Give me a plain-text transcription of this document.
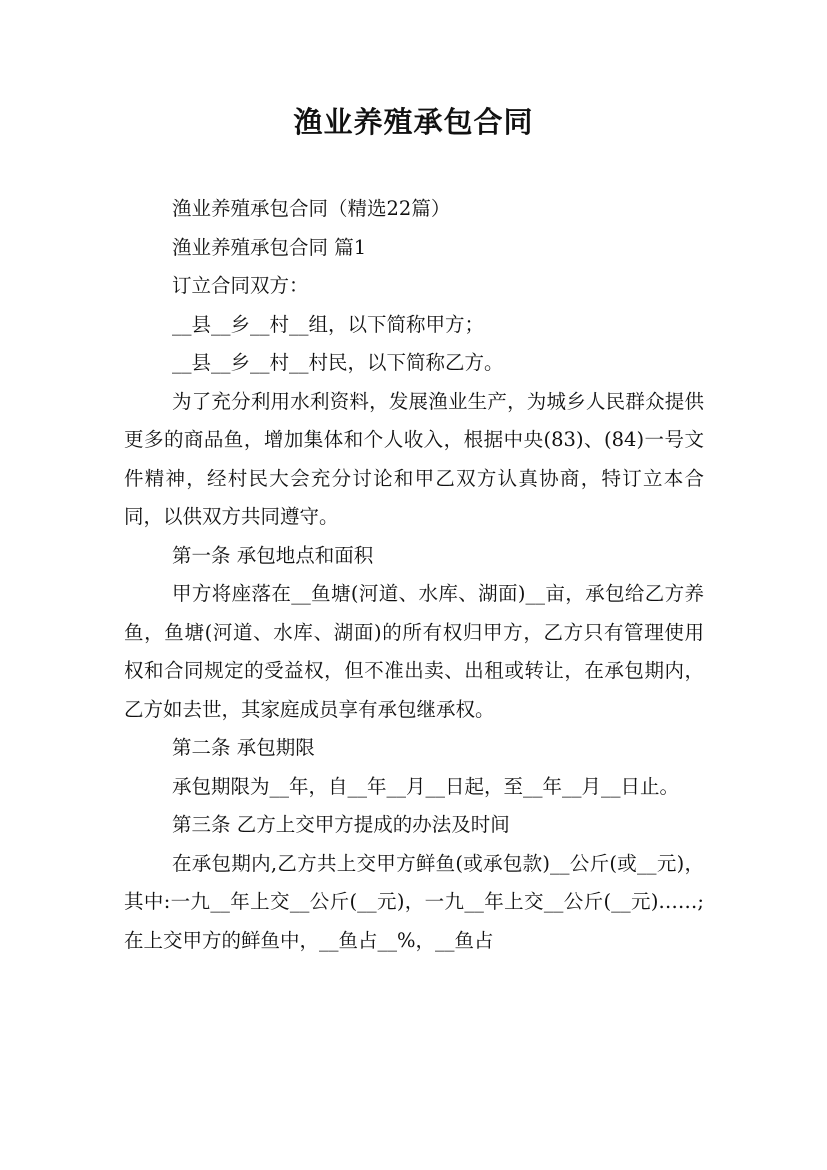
渔业养殖承包合同

渔业养殖承包合同（精选22篇）

渔业养殖承包合同 篇1

订立合同双方：

__县__乡__村__组，以下简称甲方；

__县__乡__村__村民，以下简称乙方。

为了充分利用水利资料，发展渔业生产，为城乡人民群众提供更多的商品鱼，增加集体和个人收入，根据中央(83)、(84)一号文件精神，经村民大会充分讨论和甲乙双方认真协商，特订立本合同，以供双方共同遵守。

第一条 承包地点和面积

甲方将座落在__鱼塘(河道、水库、湖面)__亩，承包给乙方养鱼，鱼塘(河道、水库、湖面)的所有权归甲方，乙方只有管理使用权和合同规定的受益权，但不准出卖、出租或转让，在承包期内，乙方如去世，其家庭成员享有承包继承权。

第二条 承包期限

承包期限为__年，自__年__月__日起，至__年__月__日止。

第三条 乙方上交甲方提成的办法及时间

在承包期内,乙方共上交甲方鲜鱼(或承包款)__公斤(或__元)，其中:一九__年上交__公斤(__元)，一九__年上交__公斤(__元)……;在上交甲方的鲜鱼中，__鱼占__%，__鱼占
